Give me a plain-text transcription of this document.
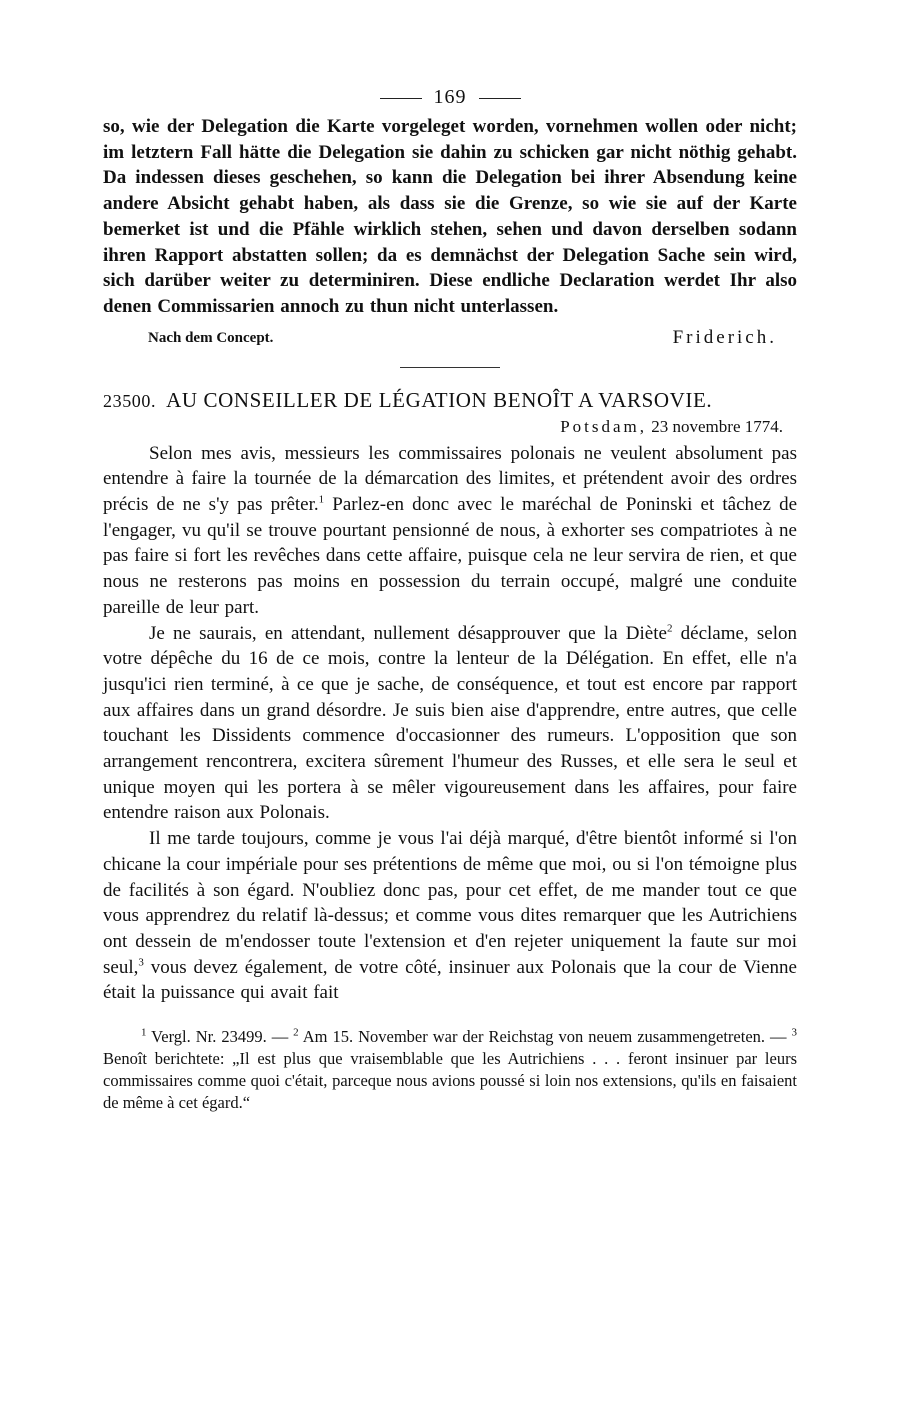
169

so, wie der Delegation die Karte vorgeleget worden, vornehmen wollen oder nicht; im letztern Fall hätte die Delegation sie dahin zu schicken gar nicht nöthig gehabt. Da indessen dieses geschehen, so kann die Delegation bei ihrer Absendung keine andere Absicht gehabt haben, als dass sie die Grenze, so wie sie auf der Karte bemerket ist und die Pfähle wirklich stehen, sehen und davon derselben sodann ihren Rapport abstatten sollen; da es demnächst der Delegation Sache sein wird, sich darüber weiter zu determiniren. Diese endliche Declaration werdet Ihr also denen Commissarien annoch zu thun nicht unterlassen.

Nach dem Concept.	Friderich.
23500. AU CONSEILLER DE LÉGATION BENOÎT A VARSOVIE.
Potsdam, 23 novembre 1774.

Selon mes avis, messieurs les commissaires polonais ne veulent absolument pas entendre à faire la tournée de la démarcation des limites, et prétendent avoir des ordres précis de ne s'y pas prêter.$^1$ Parlez-en donc avec le maréchal de Poninski et tâchez de l'engager, vu qu'il se trouve pourtant pensionné de nous, à exhorter ses compatriotes à ne pas faire si fort les revêches dans cette affaire, puisque cela ne leur servira de rien, et que nous ne resterons pas moins en possession du terrain occupé, malgré une conduite pareille de leur part.

Je ne saurais, en attendant, nullement désapprouver que la Diète$^2$ déclame, selon votre dépêche du 16 de ce mois, contre la lenteur de la Délégation. En effet, elle n'a jusqu'ici rien terminé, à ce que je sache, de conséquence, et tout est encore par rapport aux affaires dans un grand désordre. Je suis bien aise d'apprendre, entre autres, que celle touchant les Dissidents commence d'occasionner des rumeurs. L'opposition que son arrangement rencontrera, excitera sûrement l'humeur des Russes, et elle sera le seul et unique moyen qui les portera à se mêler vigoureusement dans les affaires, pour faire entendre raison aux Polonais.

Il me tarde toujours, comme je vous l'ai déjà marqué, d'être bientôt informé si l'on chicane la cour impériale pour ses prétentions de même que moi, ou si l'on témoigne plus de facilités à son égard. N'oubliez donc pas, pour cet effet, de me mander tout ce que vous apprendrez du relatif là-dessus; et comme vous dites remarquer que les Autrichiens ont dessein de m'endosser toute l'extension et d'en rejeter uniquement la faute sur moi seul,$^3$ vous devez également, de votre côté, insinuer aux Polonais que la cour de Vienne était la puissance qui avait fait

$^1$ Vergl. Nr. 23499. — $^2$ Am 15. November war der Reichstag von neuem zusammengetreten. — $^3$ Benoît berichtete: „Il est plus que vraisemblable que les Autrichiens . . . feront insinuer par leurs commissaires comme quoi c'était, parceque nous avions poussé si loin nos extensions, qu'ils en faisaient de même à cet égard.“
